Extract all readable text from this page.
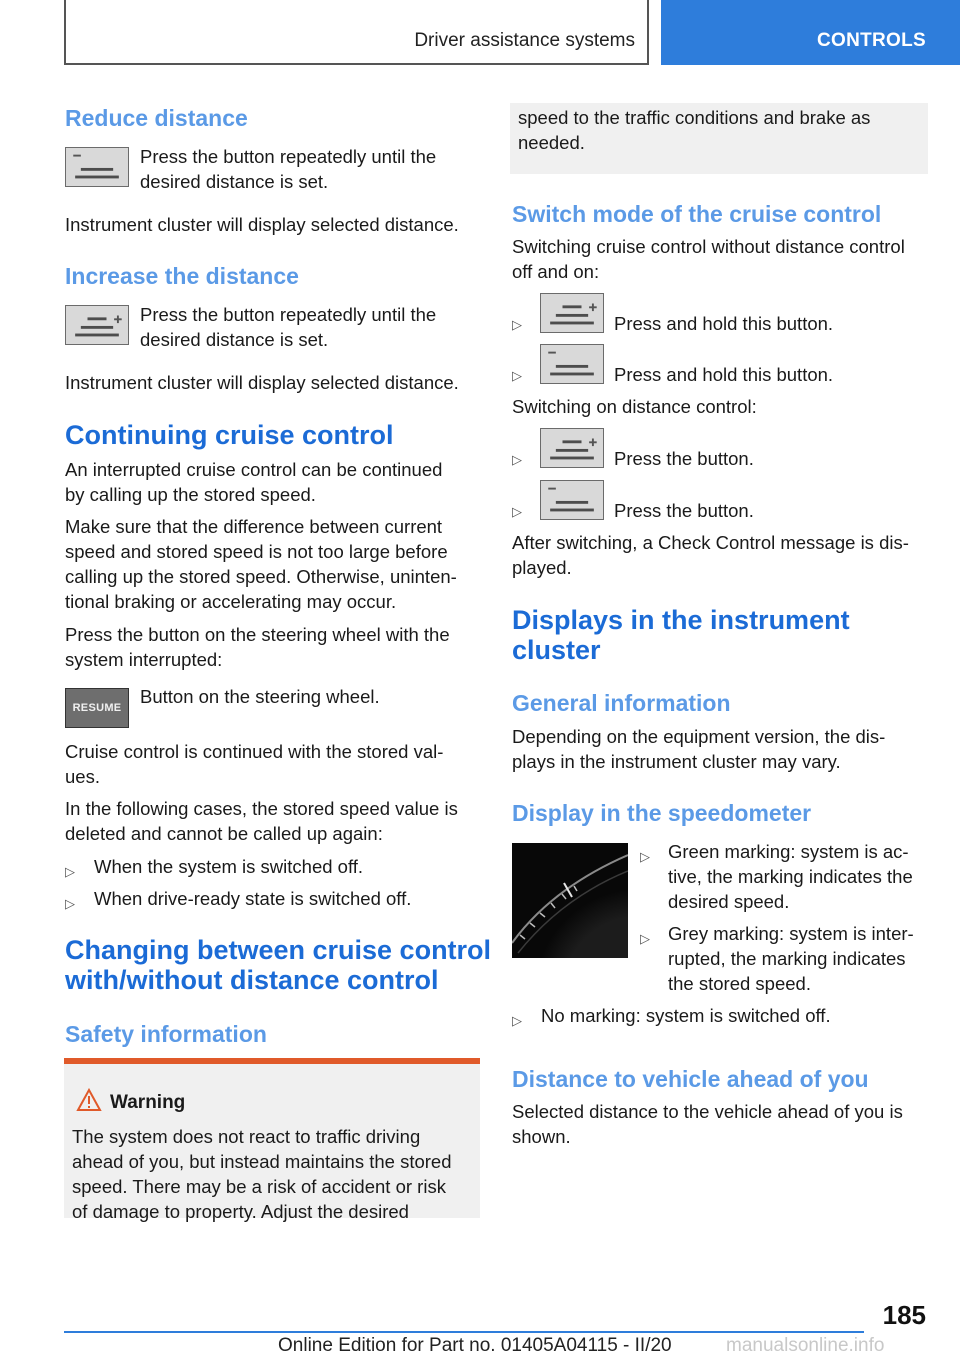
Driver assistance systems	CONTROLS
Reduce distance
Press the button repeatedly until the
desired distance is set.
Instrument cluster will display selected distance.
Increase the distance
Press the button repeatedly until the
desired distance is set.
Instrument cluster will display selected distance.
Continuing cruise control
An interrupted cruise control can be continued
by calling up the stored speed.
Make sure that the difference between current
speed and stored speed is not too large before
calling up the stored speed. Otherwise, uninten-
tional braking or accelerating may occur.
Press the button on the steering wheel with the
system interrupted:
RESUME
Button on the steering wheel.
Cruise control is continued with the stored val-
ues.
In the following cases, the stored speed value is
deleted and cannot be called up again:
▷ When the system is switched off.
▷ When drive-ready state is switched off.
Changing between cruise control
with/without distance control
Safety information
Warning
The system does not react to traffic driving
ahead of you, but instead maintains the stored
speed. There may be a risk of accident or risk
of damage to property. Adjust the desired
speed to the traffic conditions and brake as
needed.
Switch mode of the cruise control
Switching cruise control without distance control
off and on:
▷	Press and hold this button.
▷	Press and hold this button.
Switching on distance control:
▷	Press the button.
▷	Press the button.
After switching, a Check Control message is dis-
played.
Displays in the instrument
cluster
General information
Depending on the equipment version, the dis-
plays in the instrument cluster may vary.
Display in the speedometer
▷ Green marking: system is ac-
tive, the marking indicates the
desired speed.
▷ Grey marking: system is inter-
rupted, the marking indicates
the stored speed.
▷ No marking: system is switched off.
Distance to vehicle ahead of you
Selected distance to the vehicle ahead of you is
shown.
185
Online Edition for Part no. 01405A04115 - II/20	manualsonline.info
